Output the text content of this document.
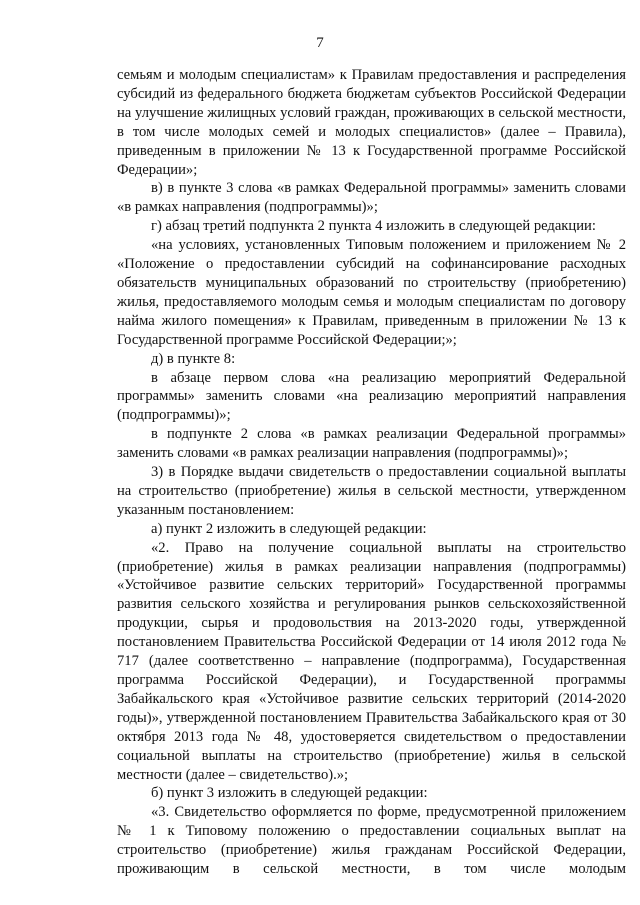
7

семьям и молодым специалистам» к Правилам предоставления и распределения субсидий из федерального бюджета бюджетам субъектов Российской Федерации на улучшение жилищных условий граждан, проживающих в сельской местности, в том числе молодых семей и молодых специалистов» (далее – Правила), приведенным в приложении № 13 к Государственной программе Российской Федерации»;

в) в пункте 3 слова «в рамках Федеральной программы» заменить словами «в рамках направления (подпрограммы)»;

г) абзац третий подпункта 2 пункта 4 изложить в следующей редакции:

«на условиях, установленных Типовым положением и приложением № 2 «Положение о предоставлении субсидий на софинансирование расходных обязательств муниципальных образований по строительству (приобретению) жилья, предоставляемого молодым семья и молодым специалистам по договору найма жилого помещения» к Правилам, приведенным в приложении № 13 к Государственной программе Российской Федерации;»;

д) в пункте 8:

в абзаце первом слова «на реализацию мероприятий Федеральной программы» заменить словами «на реализацию мероприятий направления (подпрограммы)»;

в подпункте 2 слова «в рамках реализации Федеральной программы» заменить словами «в рамках реализации направления (подпрограммы)»;

3) в Порядке выдачи свидетельств о предоставлении социальной выплаты на строительство (приобретение) жилья в сельской местности, утвержденном указанным постановлением:

а) пункт 2 изложить в следующей редакции:

«2. Право на получение социальной выплаты на строительство (приобретение) жилья в рамках реализации направления (подпрограммы) «Устойчивое развитие сельских территорий» Государственной программы развития сельского хозяйства и регулирования рынков сельскохозяйственной продукции, сырья и продовольствия на 2013-2020 годы, утвержденной постановлением Правительства Российской Федерации от 14 июля 2012 года № 717 (далее соответственно – направление (подпрограмма), Государственная программа Российской Федерации), и Государственной программы Забайкальского края «Устойчивое развитие сельских территорий (2014-2020 годы)», утвержденной постановлением Правительства Забайкальского края от 30 октября 2013 года № 48, удостоверяется свидетельством о предоставлении социальной выплаты на строительство (приобретение) жилья в сельской местности (далее – свидетельство).»;

б) пункт 3 изложить в следующей редакции:

«3. Свидетельство оформляется по форме, предусмотренной приложением № 1 к Типовому положению о предоставлении социальных выплат на строительство (приобретение) жилья гражданам Российской Федерации, проживающим в сельской местности, в том числе молодым
